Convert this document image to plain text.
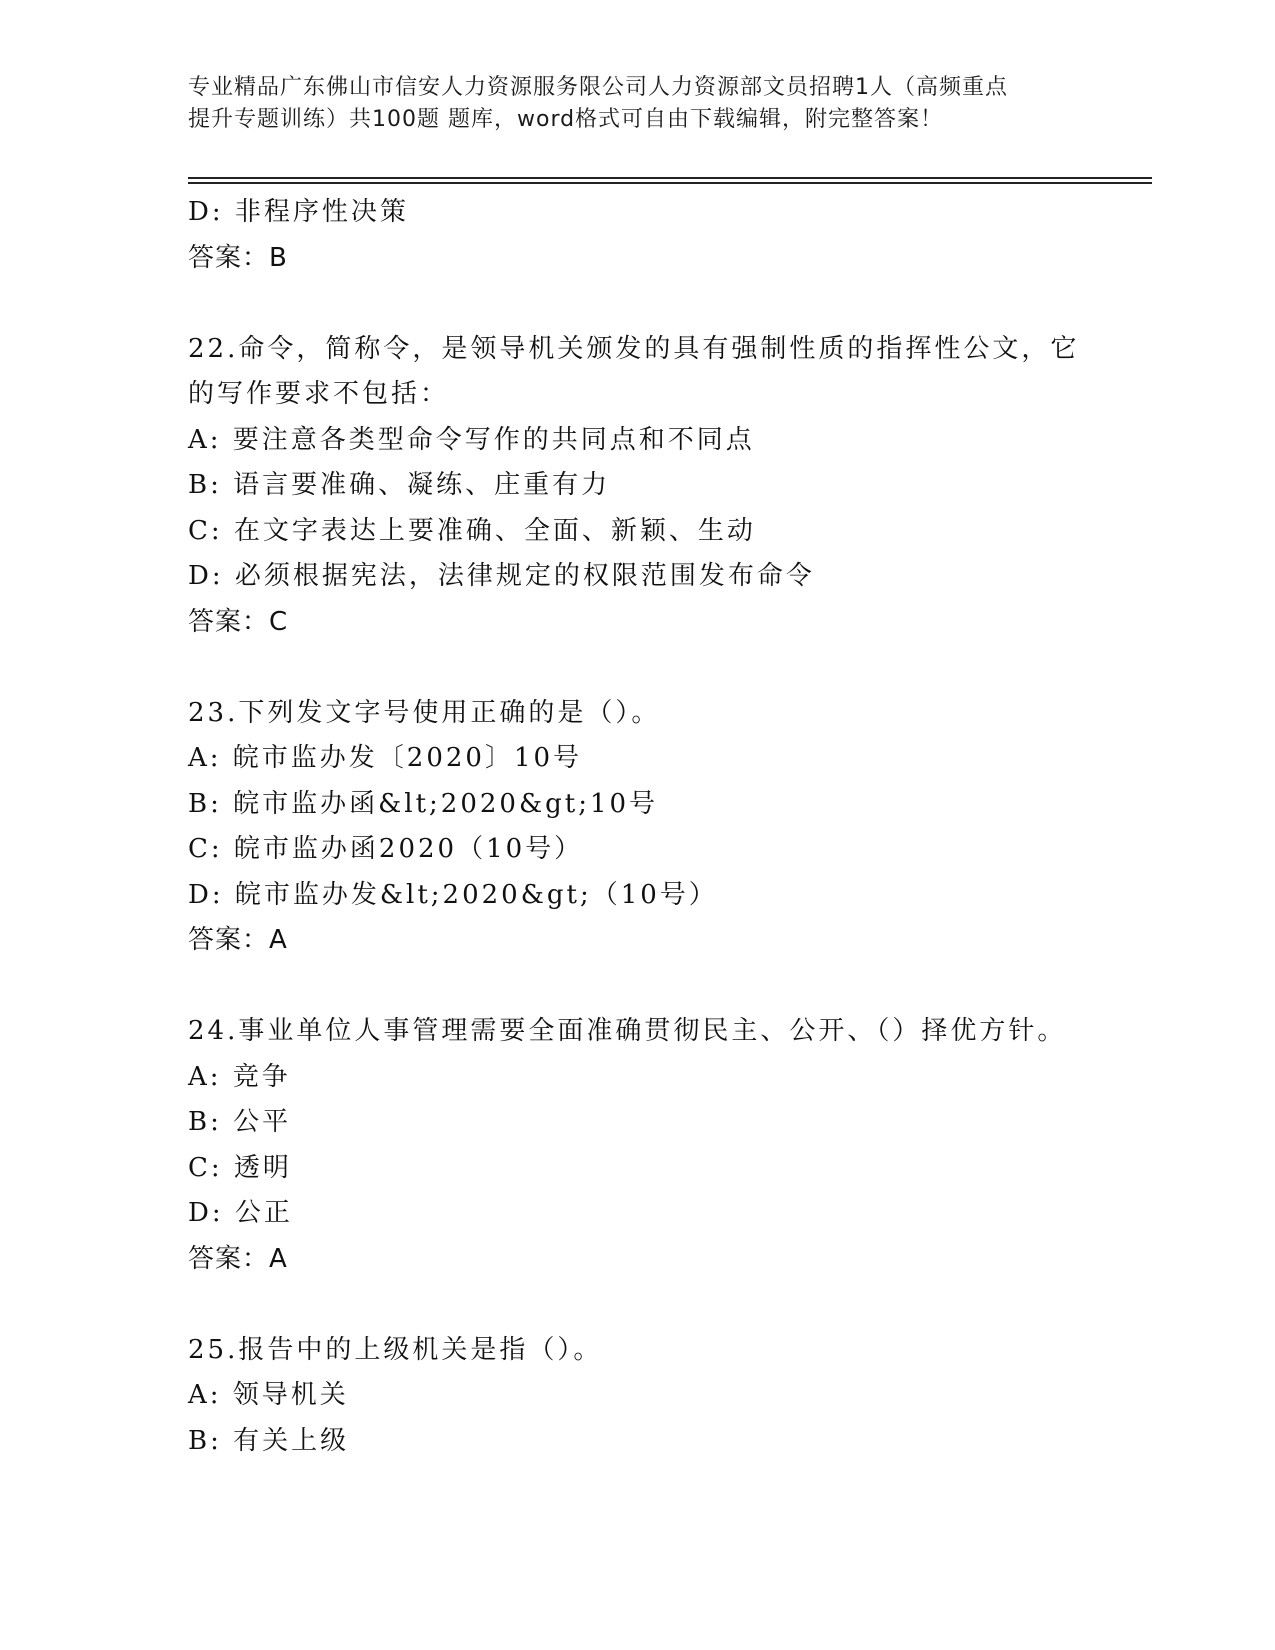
专业精品广东佛山市信安人力资源服务限公司人力资源部文员招聘1人（高频重点
提升专题训练）共100题 题库，word格式可自由下载编辑，附完整答案！
D: 非程序性决策
答案：B
22.命令，简称令，是领导机关颁发的具有强制性质的指挥性公文，它
的写作要求不包括：
A: 要注意各类型命令写作的共同点和不同点
B: 语言要准确、凝练、庄重有力
C: 在文字表达上要准确、全面、新颖、生动
D: 必须根据宪法，法律规定的权限范围发布命令
答案：C
23.下列发文字号使用正确的是（）。
A: 皖市监办发〔2020〕10号
B: 皖市监办函&lt;2020&gt;10号
C: 皖市监办函2020（10号）
D: 皖市监办发&lt;2020&gt;（10号）
答案：A
24.事业单位人事管理需要全面准确贯彻民主、公开、（）择优方针。
A: 竞争
B: 公平
C: 透明
D: 公正
答案：A
25.报告中的上级机关是指（）。
A: 领导机关
B: 有关上级
